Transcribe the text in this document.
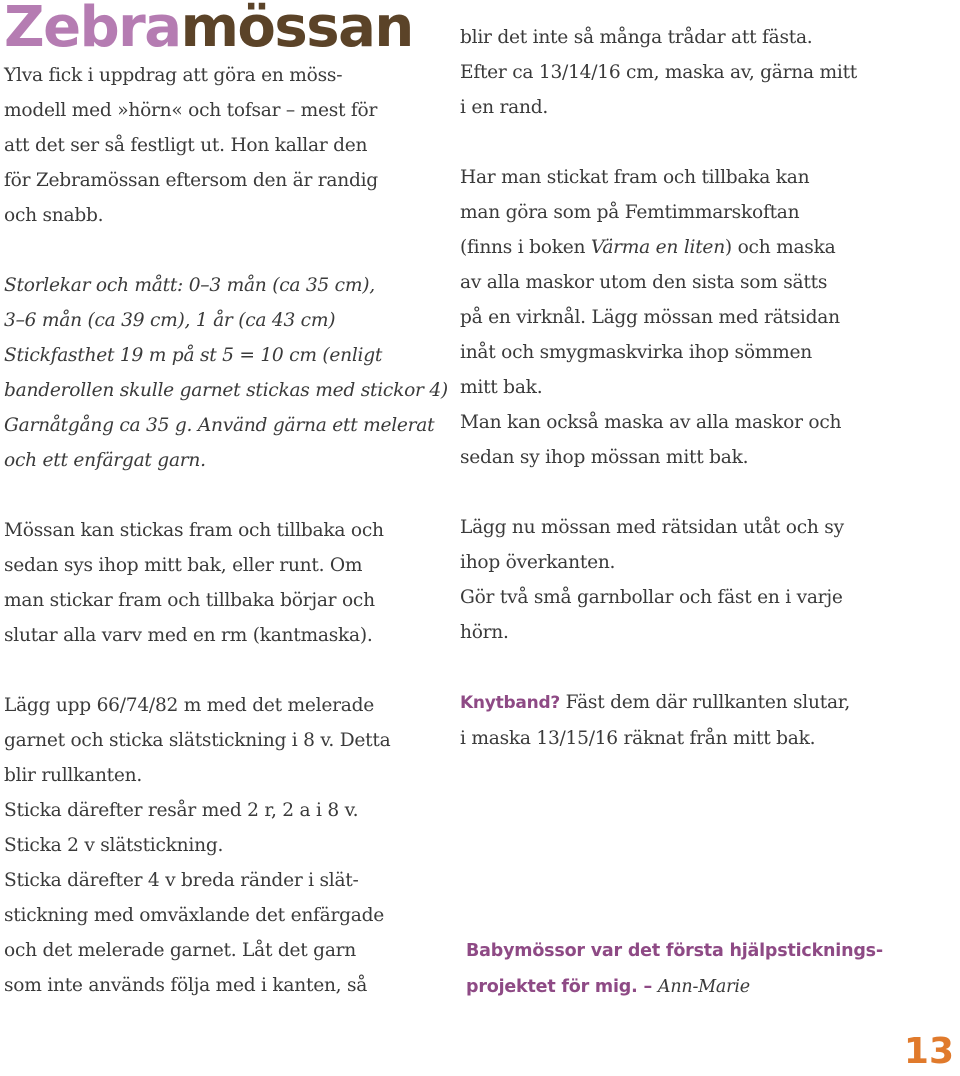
Zebramössan

Ylva fick i uppdrag att göra en möss-
modell med »hörn« och tofsar – mest för
att det ser så festligt ut. Hon kallar den
för Zebramössan eftersom den är randig
och snabb.

Storlekar och mått: 0–3 mån (ca 35 cm),
3–6 mån (ca 39 cm), 1 år (ca 43 cm)
Stickfasthet 19 m på st 5 = 10 cm (enligt
banderollen skulle garnet stickas med stickor 4)
Garnåtgång ca 35 g. Använd gärna ett melerat
och ett enfärgat garn.

Mössan kan stickas fram och tillbaka och
sedan sys ihop mitt bak, eller runt. Om
man stickar fram och tillbaka börjar och
slutar alla varv med en rm (kantmaska).

Lägg upp 66/74/82 m med det melerade
garnet och sticka slätstickning i 8 v. Detta
blir rullkanten.
Sticka därefter resår med 2 r, 2 a i 8 v.
Sticka 2 v slätstickning.
Sticka därefter 4 v breda ränder i slät-
stickning med omväxlande det enfärgade
och det melerade garnet. Låt det garn
som inte används följa med i kanten, så

blir det inte så många trådar att fästa.
Efter ca 13/14/16 cm, maska av, gärna mitt
i en rand.

Har man stickat fram och tillbaka kan
man göra som på Femtimmarskoftan
(finns i boken Värma en liten) och maska
av alla maskor utom den sista som sätts
på en virknål. Lägg mössan med rätsidan
inåt och smygmaskvirka ihop sömmen
mitt bak.
Man kan också maska av alla maskor och
sedan sy ihop mössan mitt bak.

Lägg nu mössan med rätsidan utåt och sy
ihop överkanten.
Gör två små garnbollar och fäst en i varje
hörn.

Knytband? Fäst dem där rullkanten slutar,
i maska 13/15/16 räknat från mitt bak.

Babymössor var det första hjälpsticknings-
projektet för mig. – Ann-Marie
13
